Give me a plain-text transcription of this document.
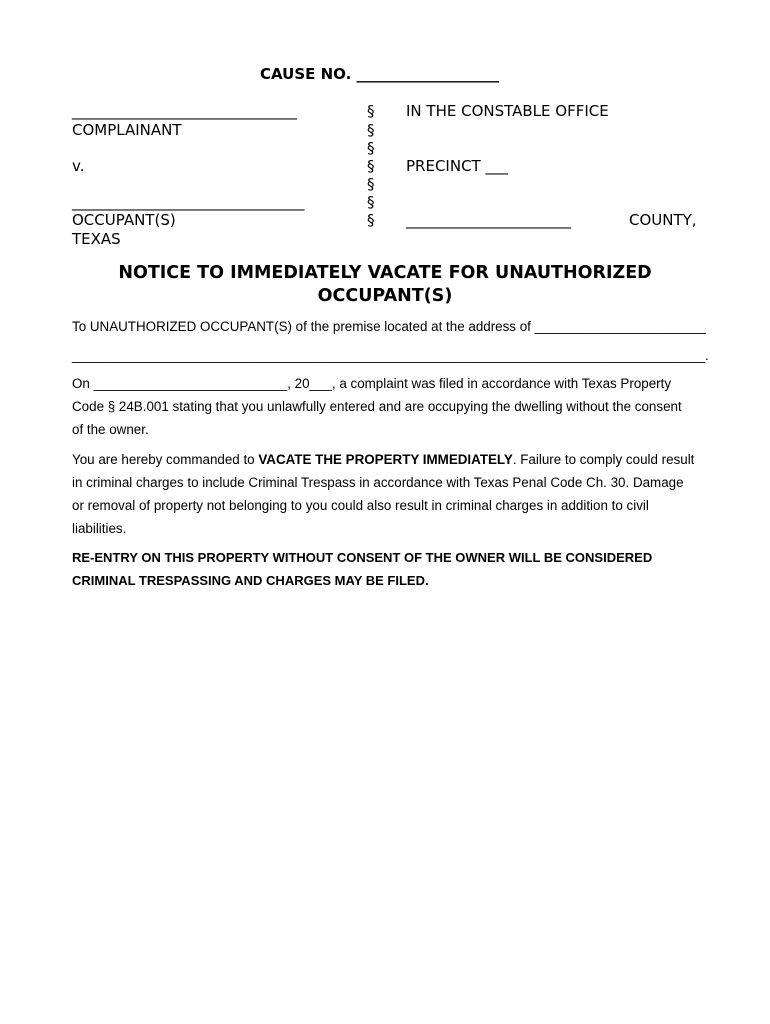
CAUSE NO. ___________________
______________________________
COMPLAINANT
v.
_______________________________
OCCUPANT(S)
TEXAS
§
§
§
§
§
§
§
IN THE CONSTABLE OFFICE
PRECINCT ___
______________________	COUNTY,
NOTICE TO IMMEDIATELY VACATE FOR UNAUTHORIZED
OCCUPANT(S)
To UNAUTHORIZED OCCUPANT(S) of the premise located at the address of _______________________
_____________________________________________________________________________________.
On __________________________, 20___, a complaint was filed in accordance with Texas Property Code § 24B.001 stating that you unlawfully entered and are occupying the dwelling without the consent of the owner.
You are hereby commanded to VACATE THE PROPERTY IMMEDIATELY. Failure to comply could result in criminal charges to include Criminal Trespass in accordance with Texas Penal Code Ch. 30. Damage or removal of property not belonging to you could also result in criminal charges in addition to civil liabilities.
RE-ENTRY ON THIS PROPERTY WITHOUT CONSENT OF THE OWNER WILL BE CONSIDERED CRIMINAL TRESPASSING AND CHARGES MAY BE FILED.
